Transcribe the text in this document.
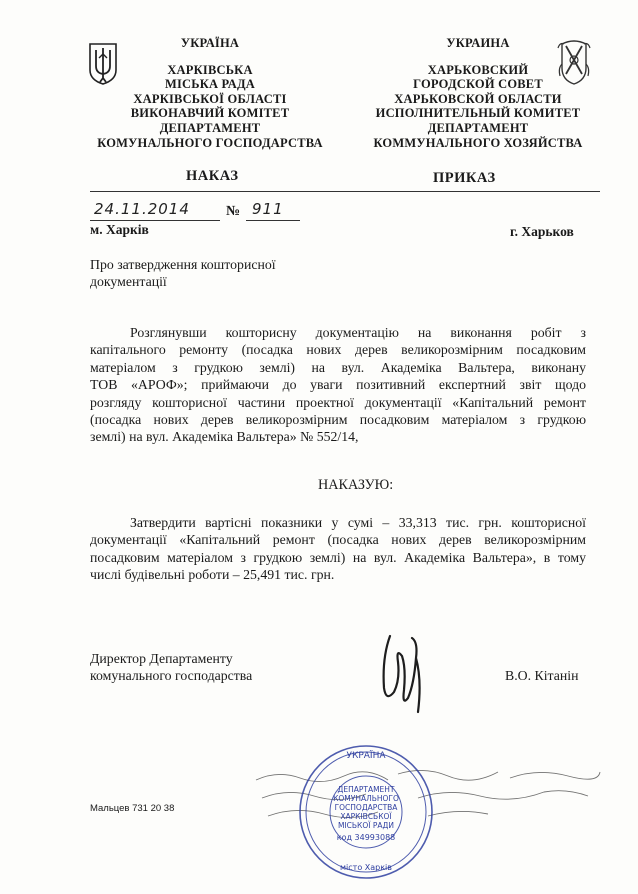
УКРАЇНА
ХАРКІВСЬКА
МІСЬКА РАДА
ХАРКІВСЬКОЇ ОБЛАСТІ
ВИКОНАВЧИЙ КОМІТЕТ
ДЕПАРТАМЕНТ
КОМУНАЛЬНОГО ГОСПОДАРСТВА
УКРАИНА
ХАРЬКОВСКИЙ
ГОРОДСКОЙ СОВЕТ
ХАРЬКОВСКОЙ ОБЛАСТИ
ИСПОЛНИТЕЛЬНЫЙ КОМИТЕТ
ДЕПАРТАМЕНТ
КОММУНАЛЬНОГО ХОЗЯЙСТВА
НАКАЗ	ПРИКАЗ
24.11.2014	№ 911
м. Харків	г. Харьков
Про затвердження кошторисної
документації
Розглянувши кошторисну документацію на виконання робіт з
капітального ремонту (посадка нових дерев великорозмірним посадковим
матеріалом з грудкою землі) на вул. Академіка Вальтера, виконану
ТОВ «АРОФ»; приймаючи до уваги позитивний експертний звіт щодо
розгляду кошторисної частини проектної документації «Капітальний ремонт
(посадка нових дерев великорозмірним посадковим матеріалом з грудкою
землі) на вул. Академіка Вальтера» № 552/14,
НАКАЗУЮ:
Затвердити вартісні показники у сумі – 33,313 тис. грн. кошторисної
документації «Капітальний ремонт (посадка нових дерев великорозмірним
посадковим матеріалом з грудкою землі) на вул. Академіка Вальтера», в тому
числі будівельні роботи – 25,491 тис. грн.
Директор Департаменту
комунального господарства	В.О. Кітанін
УКРАЇНА
ДЕПАРТАМЕНТ
КОМУНАЛЬНОГО
ГОСПОДАРСТВА
ХАРКІВСЬКОЇ
МІСЬКОЇ РАДИ
код 34993088
місто Харків
Мальцев 731 20 38
